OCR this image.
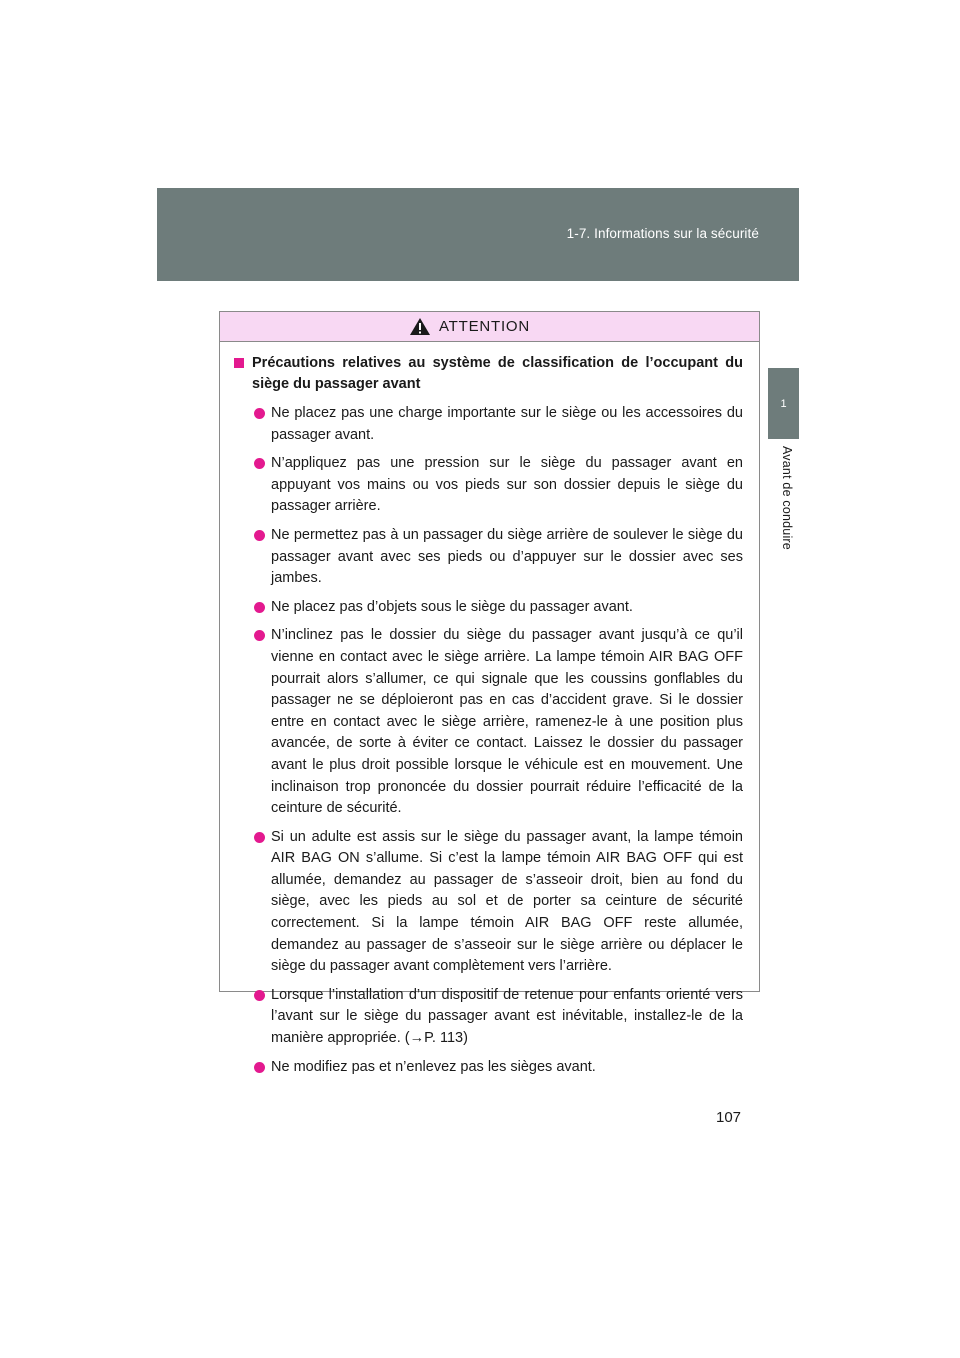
1-7. Informations sur la sécurité
1
Avant de conduire
ATTENTION
Précautions relatives au système de classification de l’occupant du siège du passager avant
Ne placez pas une charge importante sur le siège ou les accessoires du passager avant.
N’appliquez pas une pression sur le siège du passager avant en appuyant vos mains ou vos pieds sur son dossier depuis le siège du passager arrière.
Ne permettez pas à un passager du siège arrière de soulever le siège du passager avant avec ses pieds ou d’appuyer sur le dossier avec ses jambes.
Ne placez pas d’objets sous le siège du passager avant.
N’inclinez pas le dossier du siège du passager avant jusqu’à ce qu’il vienne en contact avec le siège arrière. La lampe témoin AIR BAG OFF pourrait alors s’allumer, ce qui signale que les coussins gonflables du passager ne se déploieront pas en cas d’accident grave. Si le dossier entre en contact avec le siège arrière, ramenez-le à une position plus avancée, de sorte à éviter ce contact. Laissez le dossier du passager avant le plus droit possible lorsque le véhicule est en mouvement. Une inclinaison trop prononcée du dossier pourrait réduire l’efficacité de la ceinture de sécurité.
Si un adulte est assis sur le siège du passager avant, la lampe témoin AIR BAG ON s’allume. Si c’est la lampe témoin AIR BAG OFF qui est allumée, demandez au passager de s’asseoir droit, bien au fond du siège, avec les pieds au sol et de porter sa ceinture de sécurité correctement. Si la lampe témoin AIR BAG OFF reste allumée, demandez au passager de s’asseoir sur le siège arrière ou déplacer le siège du passager avant complètement vers l’arrière.
Lorsque l’installation d’un dispositif de retenue pour enfants orienté vers l’avant sur le siège du passager avant est inévitable, installez-le de la manière appropriée. (→P. 113)
Ne modifiez pas et n’enlevez pas les sièges avant.
107
